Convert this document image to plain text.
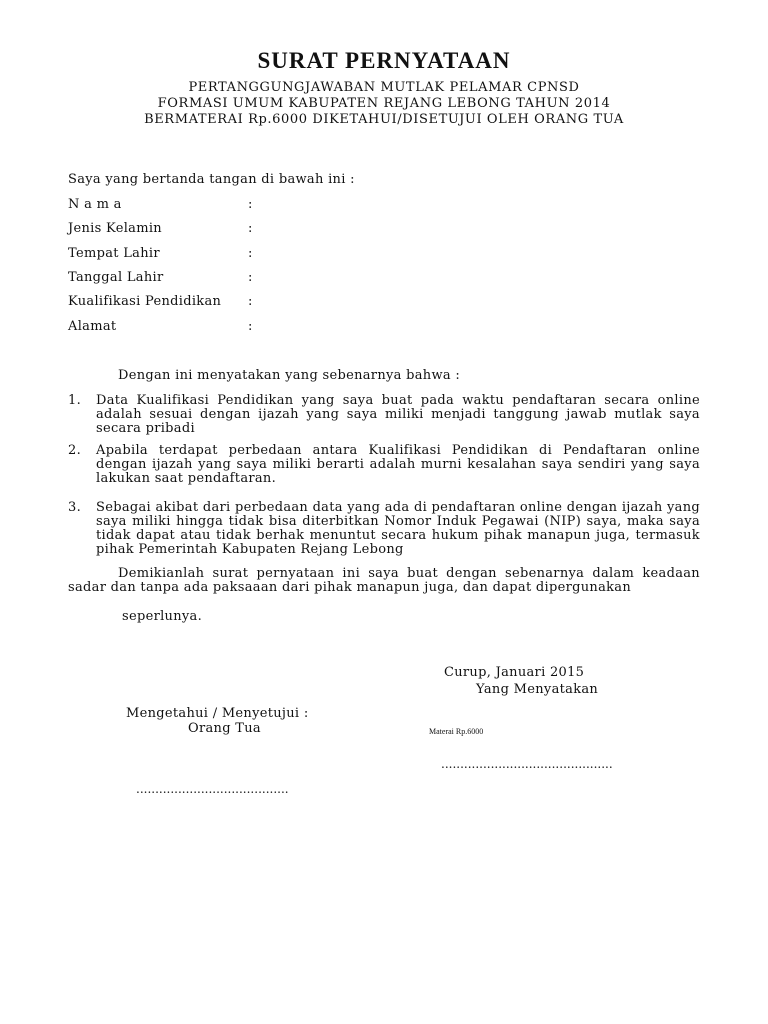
SURAT PERNYATAAN
PERTANGGUNGJAWABAN MUTLAK PELAMAR CPNSD
FORMASI UMUM KABUPATEN REJANG LEBONG TAHUN 2014
BERMATERAI Rp.6000 DIKETAHUI/DISETUJUI OLEH ORANG TUA
Saya yang bertanda tangan di bawah ini :
N a m a	:
Jenis Kelamin	:
Tempat Lahir	:
Tanggal Lahir	:
Kualifikasi Pendidikan :
Alamat	:
Dengan ini menyatakan yang sebenarnya bahwa :
1. Data Kualifikasi Pendidikan yang saya buat pada waktu pendaftaran secara online adalah sesuai dengan ijazah yang saya miliki menjadi tanggung jawab mutlak saya secara pribadi
2. Apabila terdapat perbedaan antara Kualifikasi Pendidikan di Pendaftaran online dengan ijazah yang saya miliki berarti adalah murni kesalahan saya sendiri yang saya lakukan saat pendaftaran.
3. Sebagai akibat dari perbedaan data yang ada di pendaftaran online dengan ijazah yang saya miliki hingga tidak bisa diterbitkan Nomor Induk Pegawai (NIP) saya, maka saya tidak dapat atau tidak berhak menuntut secara hukum pihak manapun juga, termasuk pihak Pemerintah Kabupaten Rejang Lebong
Demikianlah surat pernyataan ini saya buat dengan sebenarnya dalam keadaan sadar dan tanpa ada paksaaan dari pihak manapun juga, dan dapat dipergunakan
seperlunya.
Curup, Januari 2015
Yang Menyatakan
Mengetahui / Menyetujui :
Orang Tua	Materai Rp.6000
.............................................
........................................
